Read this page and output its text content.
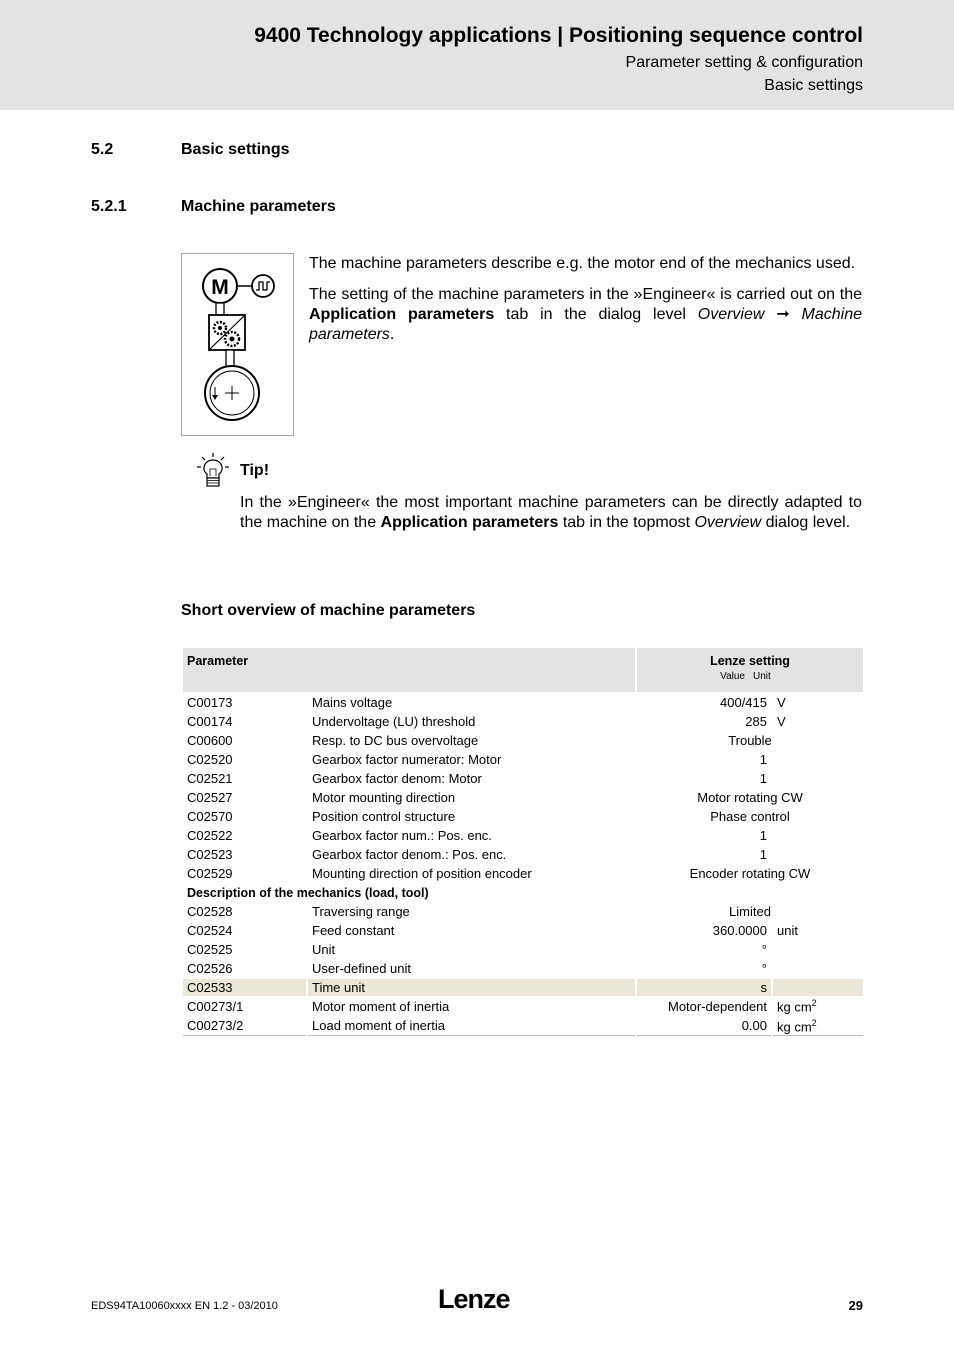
9400 Technology applications | Positioning sequence control
Parameter setting & configuration
Basic settings
5.2	Basic settings
5.2.1	Machine parameters
M

The machine parameters describe e.g. the motor end of the mechanics used.

The setting of the machine parameters in the »Engineer« is carried out on the Application parameters tab in the dialog level Overview ➞ Machine parameters.

Tip!
In the »Engineer« the most important machine parameters can be directly adapted to the machine on the Application parameters tab in the topmost Overview dialog level.
Short overview of machine parameters
Parameter		Lenze setting
Value Unit	

C00173	Mains voltage	400/415	V
C00174	Undervoltage (LU) threshold	285	V
C00600	Resp. to DC bus overvoltage	Trouble	
C02520	Gearbox factor numerator: Motor	1	
C02521	Gearbox factor denom: Motor	1	
C02527	Motor mounting direction	Motor rotating CW	
C02570	Position control structure	Phase control	
C02522	Gearbox factor num.: Pos. enc.	1	
C02523	Gearbox factor denom.: Pos. enc.	1	
C02529	Mounting direction of position encoder	Encoder rotating CW	
Description of the mechanics (load, tool)			
C02528	Traversing range	Limited	
C02524	Feed constant	360.0000	unit
C02525	Unit	°	
C02526	User-defined unit	°	
C02533	Time unit	s	
C00273/1	Motor moment of inertia	Motor-dependent	kg $cm^2$
C00273/2	Load moment of inertia	0.00	kg $cm^2$
EDS94TA10060xxxx EN 1.2 - 03/2010	Lenze	29
